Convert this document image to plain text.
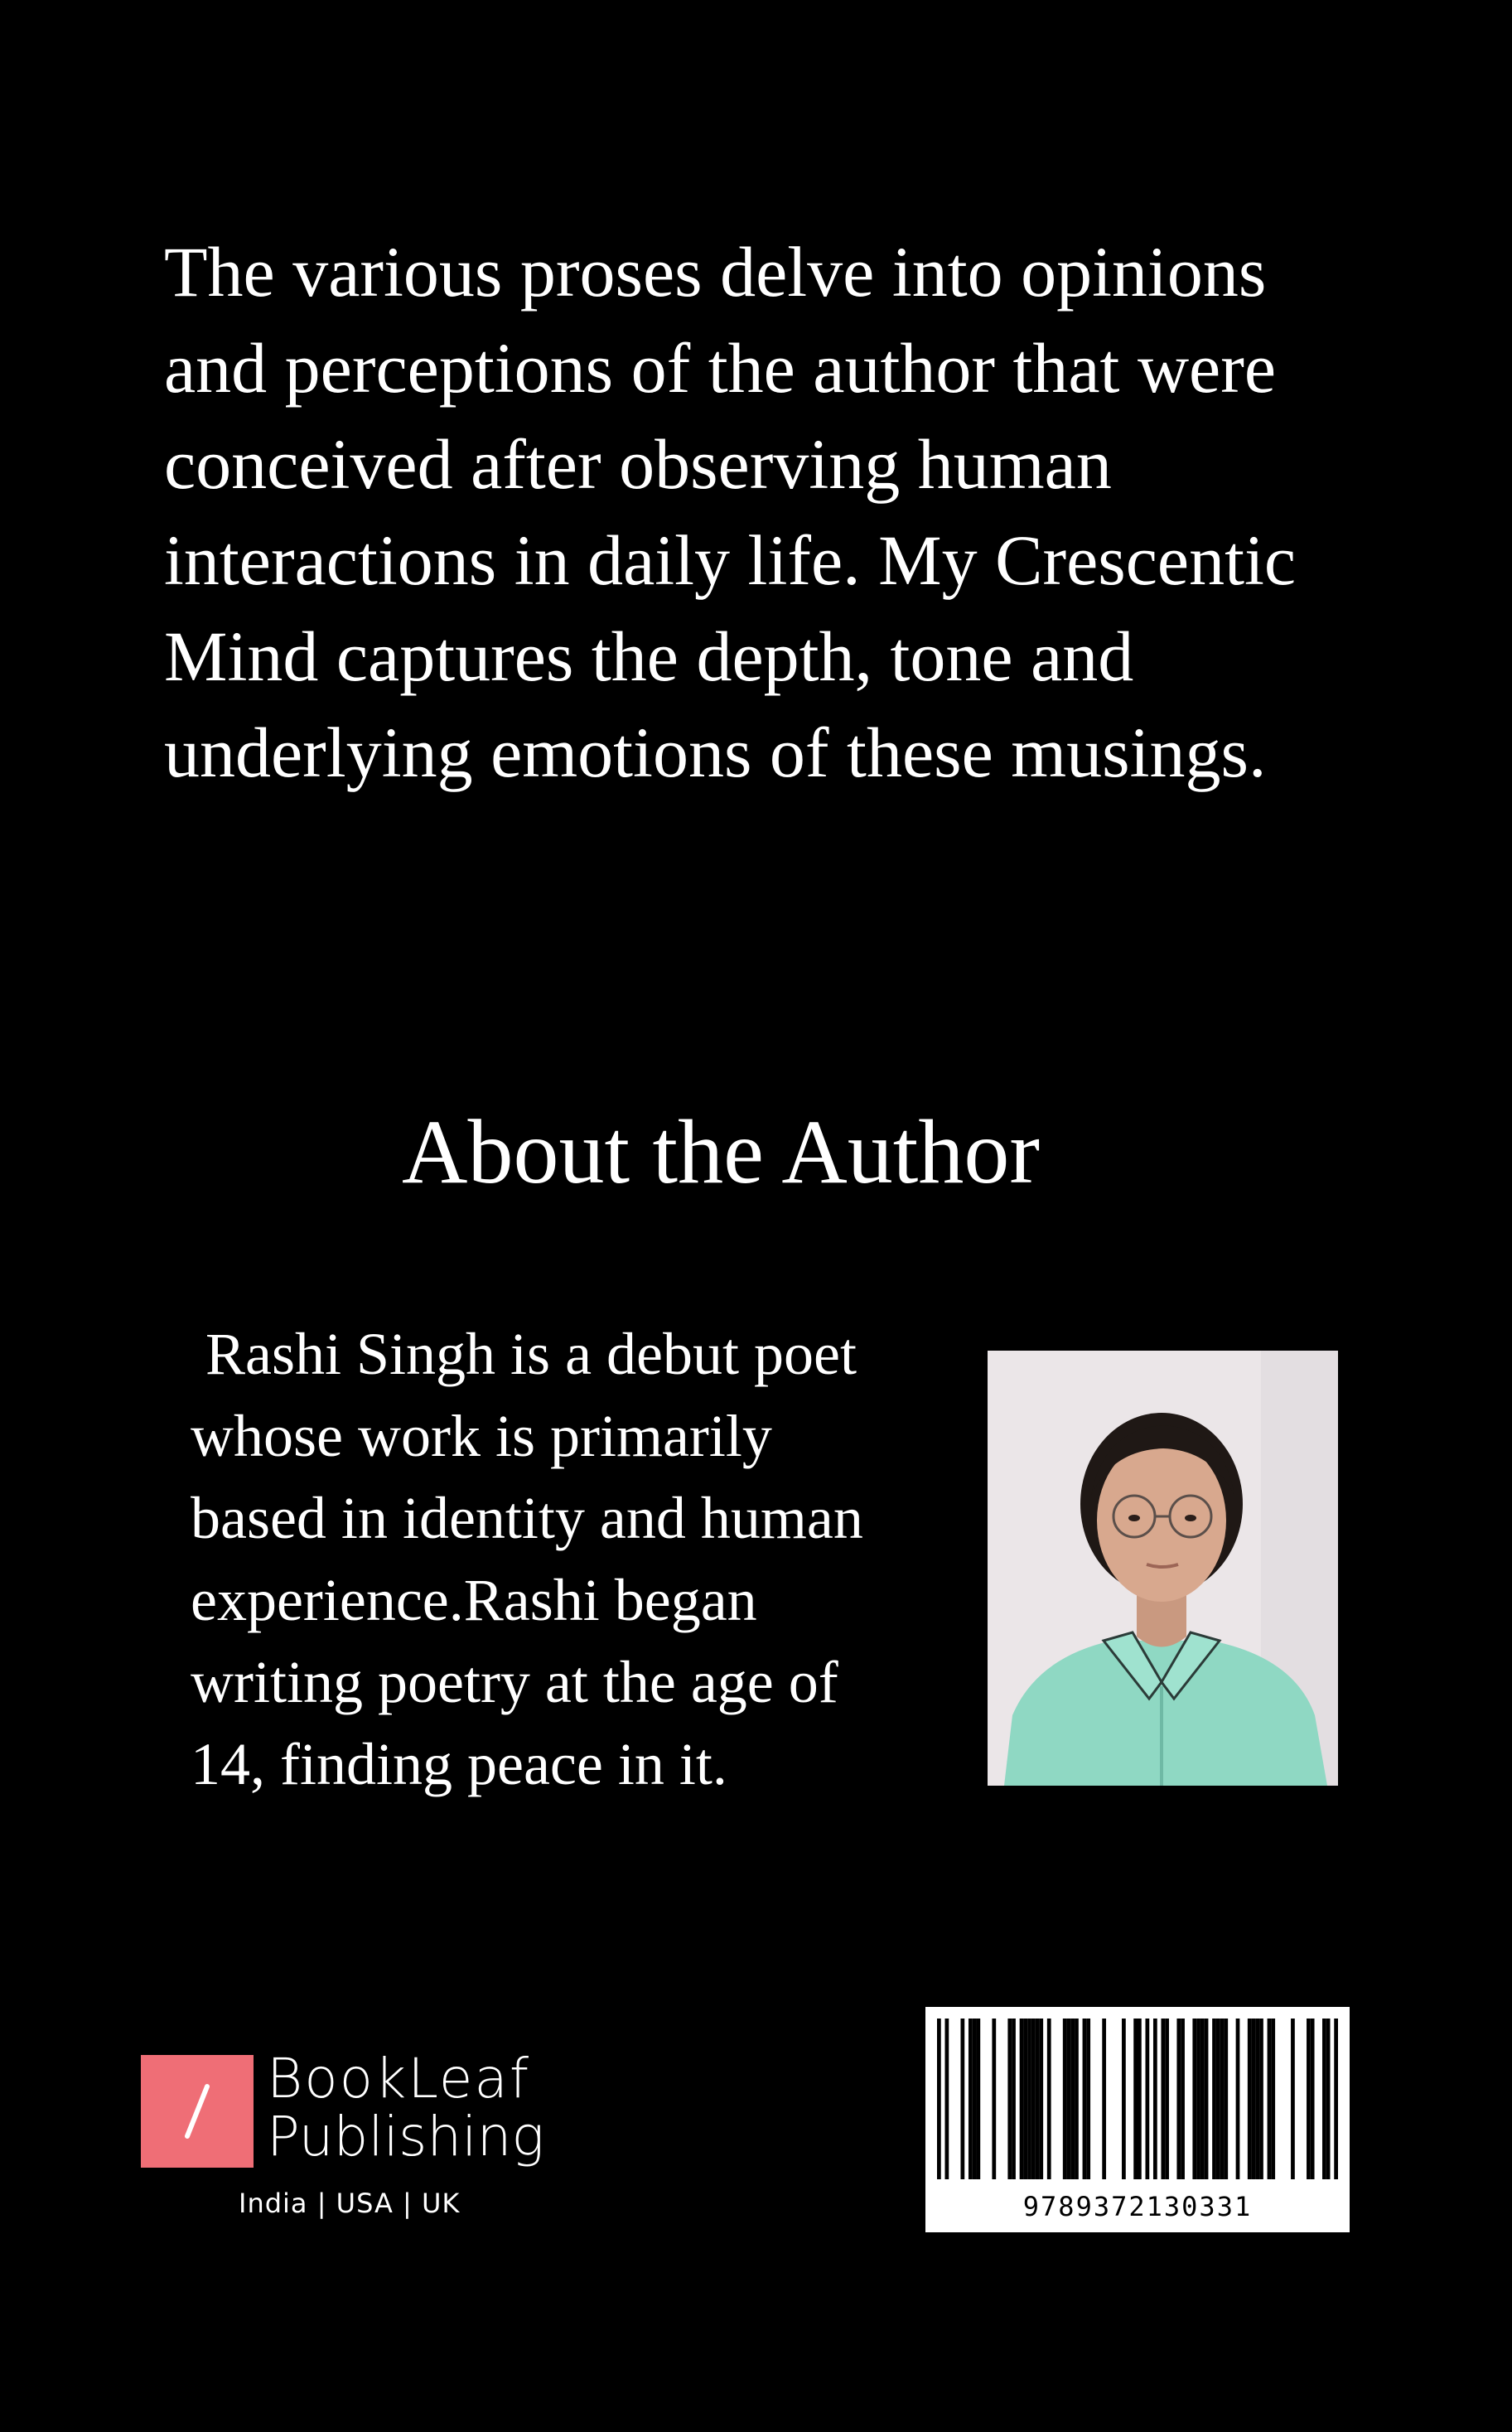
The various proses delve into opinions
and perceptions of the author that were
conceived after observing human
interactions in daily life. My Crescentic
Mind captures the depth, tone and
underlying emotions of these musings.
About the Author
Rashi Singh is a debut poet
whose work is primarily
based in identity and human
experience.Rashi began
writing poetry at the age of
14, finding peace in it.
BookLeaf
Publishing
India | USA | UK	9789372130331
